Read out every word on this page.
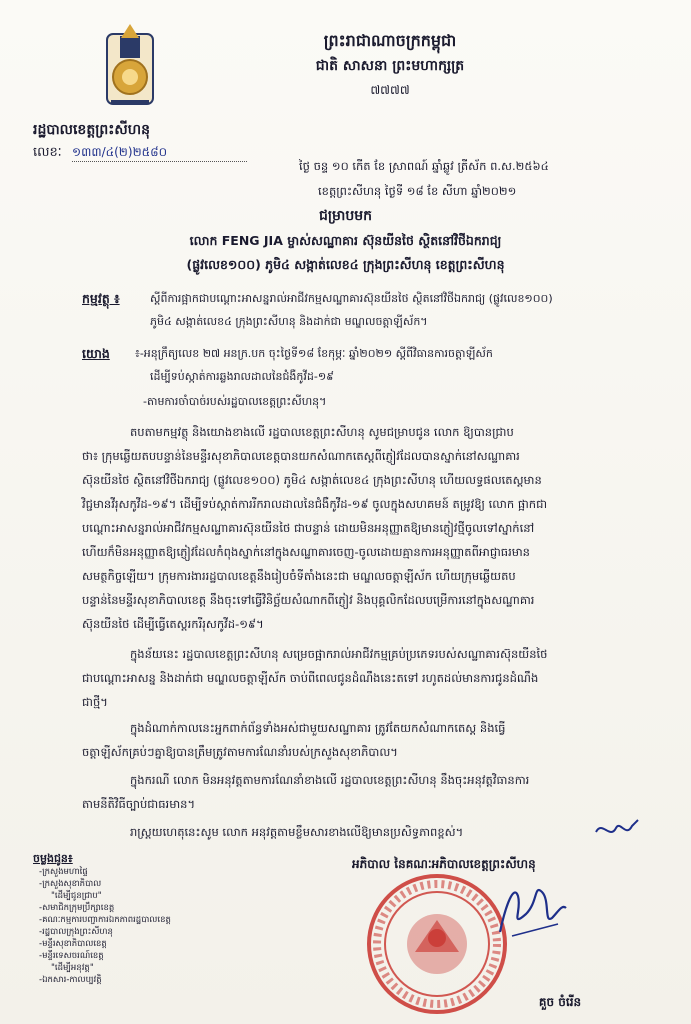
ព្រះរាជាណាចក្រកម្ពុជា
ជាតិ សាសនា ព្រះមហាក្សត្រ
៧៧៧៧
រដ្ឋបាលខេត្តព្រះសីហនុ
លេខៈ ១៣៣/៤(២)២៥៨០
ថ្ងៃ ចន្ទ ១០ កើត ខែ ស្រាពណ៍ ឆ្នាំឆ្លូវ ត្រីស័ក ព.ស.២៥៦៤
ខេត្តព្រះសីហនុ ថ្ងៃទី ១៨ ខែ សីហា ឆ្នាំ២០២១
ជម្រាបមក
លោក FENG JIA ម្ចាស់សណ្ឋាគារ ស៊ុនយីនថៃ ស្ថិតនៅវិថីឯករាជ្យ
(ផ្លូវលេខ១០០) ភូមិ៤ សង្កាត់លេខ៤ ក្រុងព្រះសីហនុ ខេត្តព្រះសីហនុ
កម្មវត្ថុ ៖	ស្តីពីការផ្អាកជាបណ្តោះអាសន្នរាល់អាជីវកម្មសណ្ឋាគារស៊ុនយីនថៃ ស្ថិតនៅវិថីឯករាជ្យ (ផ្លូវលេខ១០០)
ភូមិ៤ សង្កាត់លេខ៤ ក្រុងព្រះសីហនុ និងដាក់ជា មណ្ឌលចត្តាឡីស័ក។
យោង ៖-អនុក្រឹត្យលេខ ២៧ អនក្រ.បក ចុះថ្ងៃទី១៨ ខែកុម្ភៈ ឆ្នាំ២០២១ ស្តីពីវិធានការចត្តាឡីស័ក
ដើម្បីទប់ស្កាត់ការឆ្លងរាលដាលនៃជំងឺកូវីដ-១៩
-តាមការចាំបាច់របស់រដ្ឋបាលខេត្តព្រះសីហនុ។
តបតាមកម្មវត្ថុ និងយោងខាងលើ រដ្ឋបាលខេត្តព្រះសីហនុ សូមជម្រាបជូន លោក ឱ្យបានជ្រាប
ថា៖ ក្រុមឆ្លើយតបបន្ទាន់នៃមន្ទីរសុខាភិបាលខេត្តបានយកសំណាកតេស្តពីភ្ញៀវដែលបានស្នាក់នៅសណ្ឋាគារ
ស៊ុនយីនថៃ ស្ថិតនៅវិថីឯករាជ្យ (ផ្លូវលេខ១០០) ភូមិ៤ សង្កាត់លេខ៤ ក្រុងព្រះសីហនុ ហើយលទ្ធផលតេស្តមាន
វិជ្ជមានវីរុសកូវីដ-១៩។ ដើម្បីទប់ស្កាត់ការរីករាលដាលនៃជំងឺកូវីដ-១៩ ចូលក្នុងសហគមន៍ តម្រូវឱ្យ លោក ផ្អាកជា
បណ្តោះអាសន្នរាល់អាជីវកម្មសណ្ឋាគារស៊ុនយីនថៃ ជាបន្ទាន់ ដោយមិនអនុញ្ញាតឱ្យមានភ្ញៀវថ្មីចូលទៅស្នាក់នៅ
ហើយក៏មិនអនុញ្ញាតឱ្យភ្ញៀវដែលកំពុងស្នាក់នៅក្នុងសណ្ឋាគារចេញ-ចូលដោយគ្មានការអនុញ្ញាតពីអាជ្ញាធរមាន
សមត្ថកិច្ចឡើយ។ ក្រុមការងាររដ្ឋបាលខេត្តនឹងរៀបចំទីតាំងនេះជា មណ្ឌលចត្តាឡីស័ក ហើយក្រុមឆ្លើយតប
បន្ទាន់នៃមន្ទីរសុខាភិបាលខេត្ត នឹងចុះទៅធ្វើវិនិច្ឆ័យសំណាកពីភ្ញៀវ និងបុគ្គលិកដែលបម្រើការនៅក្នុងសណ្ឋាគារ
ស៊ុនយីនថៃ ដើម្បីធ្វើតេស្តរករីរុសកូវីដ-១៩។
ក្នុងន័យនេះ រដ្ឋបាលខេត្តព្រះសីហនុ សម្រេចផ្អាករាល់អាជីវកម្មគ្រប់ប្រភេទរបស់សណ្ឋាគារស៊ុនយីនថៃ
ជាបណ្តោះអាសន្ន និងដាក់ជា មណ្ឌលចត្តាឡីស័ក ចាប់ពីពេលជូនដំណឹងនេះតទៅ រហូតដល់មានការជូនដំណឹង
ជាថ្មី។
ក្នុងដំណាក់កាលនេះអ្នកពាក់ព័ន្ធទាំងអស់ជាមួយសណ្ឋាគារ ត្រូវតែយកសំណាកតេស្ត និងធ្វើ
ចត្តាឡីស័កគ្រប់ៗគ្នាឱ្យបានត្រឹមត្រូវតាមការណែនាំរបស់ក្រសួងសុខាភិបាល។
ក្នុងករណី លោក មិនអនុវត្តតាមការណែនាំខាងលើ រដ្ឋបាលខេត្តព្រះសីហនុ នឹងចុះអនុវត្តវិធានការ
តាមនីតិវិធីច្បាប់ជាធរមាន។
រាស្រ្តយហេតុនេះសូម លោក អនុវត្តតាមខ្លឹមសារខាងលើឱ្យមានប្រសិទ្ធភាពខ្ពស់។
ចម្លងជូន៖
-ក្រសួងមហាផ្ទៃ
-ក្រសួងសុខាភិបាល
"ដើម្បីជូនជ្រាប"
-សមាជិកក្រុមប្រឹក្សាខេត្ត
-គណៈកម្មការបញ្ជាការឯកភាពរដ្ឋបាលខេត្ត
-រដ្ឋបាលក្រុងព្រះសីហនុ
-មន្ទីរសុខាភិបាលខេត្ត
-មន្ទីរទេសចរណ៍ខេត្ត
"ដើម្បីអនុវត្ត"
-ឯកសារ-កាលប្បវត្តិ
អភិបាល នៃគណៈអភិបាលខេត្តព្រះសីហនុ
គួច ចំរើន
